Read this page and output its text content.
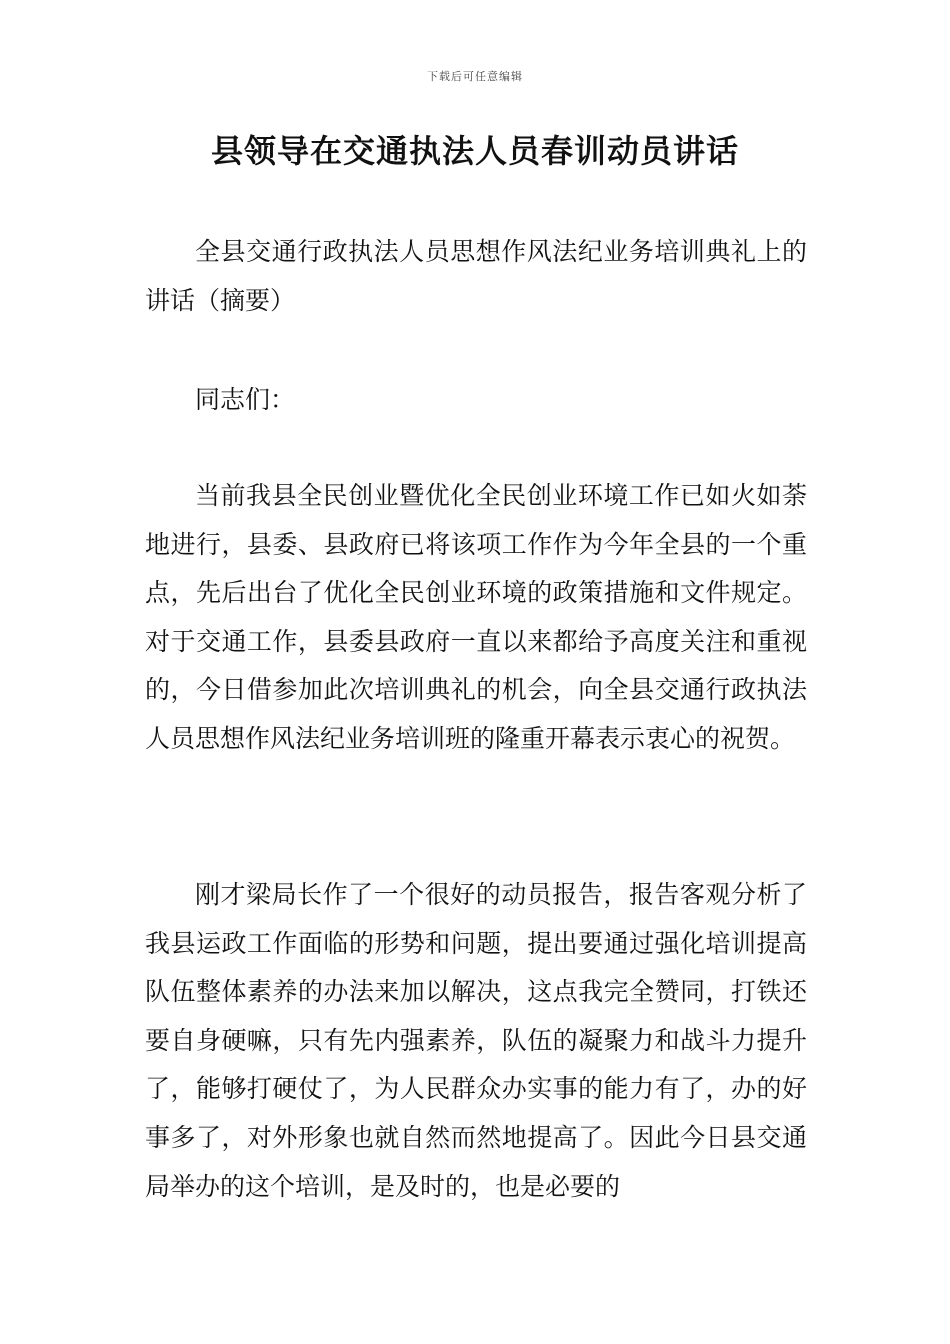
下载后可任意编辑
县领导在交通执法人员春训动员讲话

全县交通行政执法人员思想作风法纪业务培训典礼上的讲话（摘要）

同志们：

当前我县全民创业暨优化全民创业环境工作已如火如荼地进行，县委、县政府已将该项工作作为今年全县的一个重点，先后出台了优化全民创业环境的政策措施和文件规定。对于交通工作，县委县政府一直以来都给予高度关注和重视的，今日借参加此次培训典礼的机会，向全县交通行政执法人员思想作风法纪业务培训班的隆重开幕表示衷心的祝贺。

刚才梁局长作了一个很好的动员报告，报告客观分析了我县运政工作面临的形势和问题，提出要通过强化培训提高队伍整体素养的办法来加以解决，这点我完全赞同，打铁还要自身硬嘛，只有先内强素养，队伍的凝聚力和战斗力提升了，能够打硬仗了，为人民群众办实事的能力有了，办的好事多了，对外形象也就自然而然地提高了。因此今日县交通局举办的这个培训，是及时的，也是必要的
